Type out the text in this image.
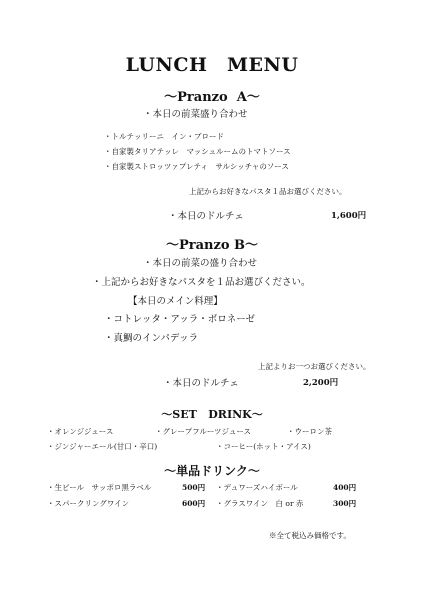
LUNCH　MENU
～Pranzo  A～
・本日の前菜盛り合わせ
・トルテッリーニ　イン・ブロード
・自家製タリアテッレ　マッシュルームのトマトソース
・自家製ストロッツァプレティ　サルシッチャのソース
上記からお好きなパスタ１品お選びください。
・本日のドルチェ	1,600円
～Pranzo B～
・本日の前菜の盛り合わせ
・上記からお好きなパスタを１品お選びください。
【本日のメイン料理】
・コトレッタ・アッラ・ボロネーゼ
・真鯛のインパデッラ
上記よりお一つお選びください。
・本日のドルチェ	2,200円
～SET   DRINK～
・オレンジジュース	・グレープフルーツジュース	・ウーロン茶
・ジンジャーエール(甘口・辛口)	・コーヒー(ホット・アイス)
～単品ドリンク～
・生ビール　サッポロ黒ラベル	500円 ・デュワーズハイボール	400円
・スパークリングワイン	600円 ・グラスワイン　白 or 赤	300円
※全て税込み価格です。
